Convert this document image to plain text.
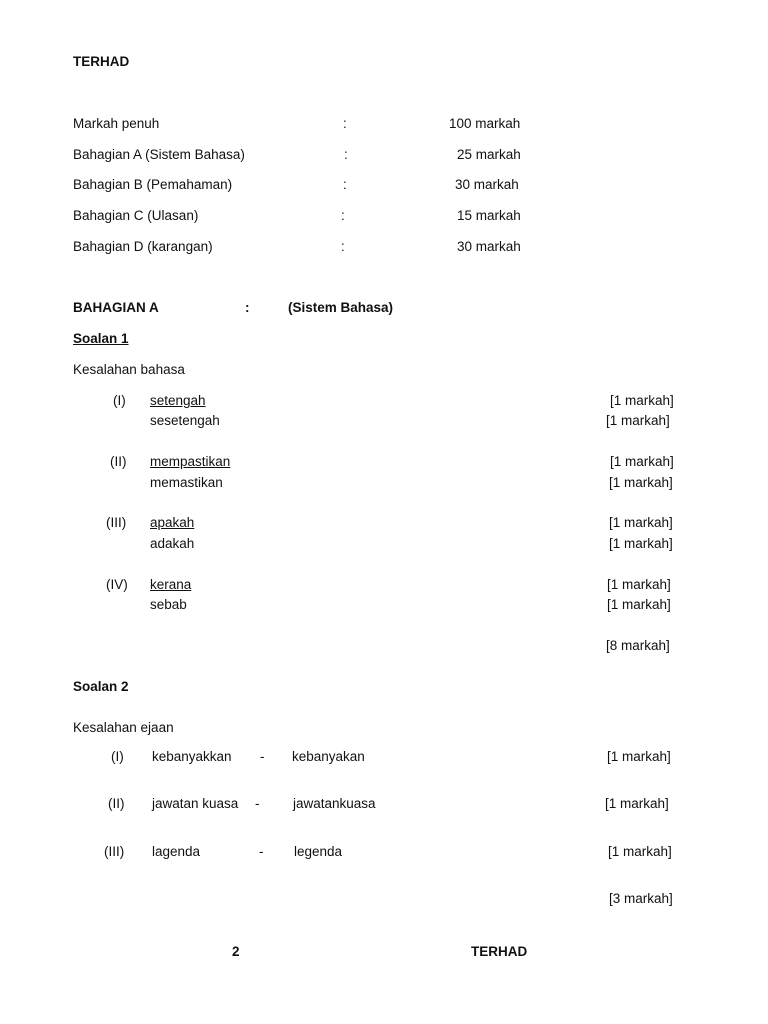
TERHAD
Markah penuh	:	100 markah
Bahagian A (Sistem Bahasa)	:	25 markah
Bahagian B (Pemahaman)	:	30 markah
Bahagian C (Ulasan)	:	15 markah
Bahagian D (karangan)	:	30 markah
BAHAGIAN A	:	(Sistem Bahasa)
Soalan 1
Kesalahan bahasa
(I) setengah	[1 markah]
sesetengah	[1 markah]
(II) mempastikan	[1 markah]
memastikan	[1 markah]
(III) apakah	[1 markah]
adakah	[1 markah]
(IV) kerana	[1 markah]
sebab	[1 markah]
[8 markah]
Soalan 2
Kesalahan ejaan
(I) kebanyakkan - kebanyakan	[1 markah]
(II) jawatan kuasa - jawatankuasa	[1 markah]
(III) lagenda	- legenda	[1 markah]
[3 markah]
2	TERHAD
